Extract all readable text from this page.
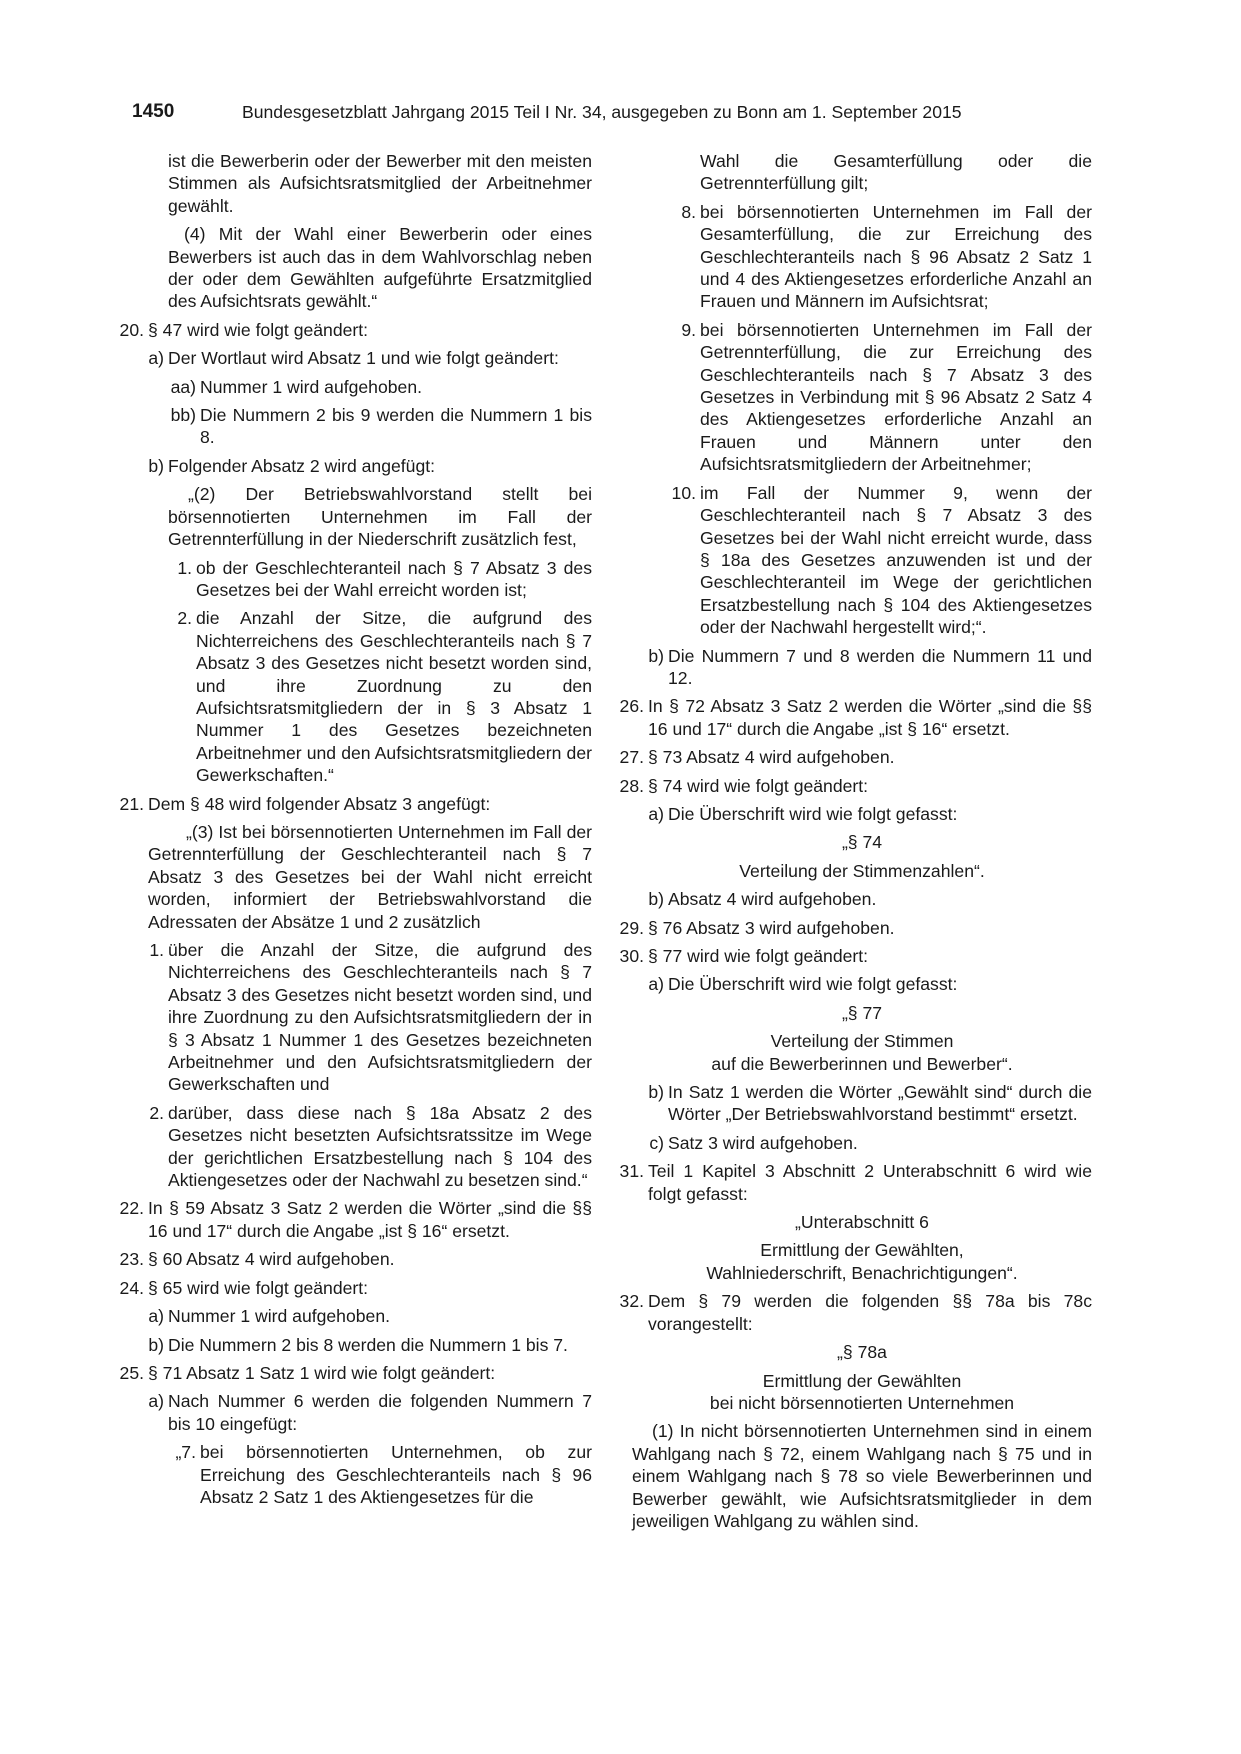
1450	Bundesgesetzblatt Jahrgang 2015 Teil I Nr. 34, ausgegeben zu Bonn am 1. September 2015
ist die Bewerberin oder der Bewerber mit den meisten Stimmen als Aufsichtsratsmitglied der Arbeitnehmer gewählt.
(4) Mit der Wahl einer Bewerberin oder eines Bewerbers ist auch das in dem Wahlvorschlag neben der oder dem Gewählten aufgeführte Ersatzmitglied des Aufsichtsrats gewählt.“
20. § 47 wird wie folgt geändert:
a) Der Wortlaut wird Absatz 1 und wie folgt geändert:
aa) Nummer 1 wird aufgehoben.
bb) Die Nummern 2 bis 9 werden die Nummern 1 bis 8.
b) Folgender Absatz 2 wird angefügt:
„(2) Der Betriebswahlvorstand stellt bei börsennotierten Unternehmen im Fall der Getrennterfüllung in der Niederschrift zusätzlich fest,
1. ob der Geschlechteranteil nach § 7 Absatz 3 des Gesetzes bei der Wahl erreicht worden ist;
2. die Anzahl der Sitze, die aufgrund des Nichterreichens des Geschlechteranteils nach § 7 Absatz 3 des Gesetzes nicht besetzt worden sind, und ihre Zuordnung zu den Aufsichtsratsmitgliedern der in § 3 Absatz 1 Nummer 1 des Gesetzes bezeichneten Arbeitnehmer und den Aufsichtsratsmitgliedern der Gewerkschaften.“
21. Dem § 48 wird folgender Absatz 3 angefügt:
„(3) Ist bei börsennotierten Unternehmen im Fall der Getrennterfüllung der Geschlechteranteil nach § 7 Absatz 3 des Gesetzes bei der Wahl nicht erreicht worden, informiert der Betriebswahlvorstand die Adressaten der Absätze 1 und 2 zusätzlich
1. über die Anzahl der Sitze, die aufgrund des Nichterreichens des Geschlechteranteils nach § 7 Absatz 3 des Gesetzes nicht besetzt worden sind, und ihre Zuordnung zu den Aufsichtsratsmitgliedern der in § 3 Absatz 1 Nummer 1 des Gesetzes bezeichneten Arbeitnehmer und den Aufsichtsratsmitgliedern der Gewerkschaften und
2. darüber, dass diese nach § 18a Absatz 2 des Gesetzes nicht besetzten Aufsichtsratssitze im Wege der gerichtlichen Ersatzbestellung nach § 104 des Aktiengesetzes oder der Nachwahl zu besetzen sind.“
22. In § 59 Absatz 3 Satz 2 werden die Wörter „sind die §§ 16 und 17“ durch die Angabe „ist § 16“ ersetzt.
23. § 60 Absatz 4 wird aufgehoben.
24. § 65 wird wie folgt geändert:
a) Nummer 1 wird aufgehoben.
b) Die Nummern 2 bis 8 werden die Nummern 1 bis 7.
25. § 71 Absatz 1 Satz 1 wird wie folgt geändert:
a) Nach Nummer 6 werden die folgenden Nummern 7 bis 10 eingefügt:
„7. bei börsennotierten Unternehmen, ob zur Erreichung des Geschlechteranteils nach § 96 Absatz 2 Satz 1 des Aktiengesetzes für die
Wahl die Gesamterfüllung oder die Getrennterfüllung gilt;
8. bei börsennotierten Unternehmen im Fall der Gesamterfüllung, die zur Erreichung des Geschlechteranteils nach § 96 Absatz 2 Satz 1 und 4 des Aktiengesetzes erforderliche Anzahl an Frauen und Männern im Aufsichtsrat;
9. bei börsennotierten Unternehmen im Fall der Getrennterfüllung, die zur Erreichung des Geschlechteranteils nach § 7 Absatz 3 des Gesetzes in Verbindung mit § 96 Absatz 2 Satz 4 des Aktiengesetzes erforderliche Anzahl an Frauen und Männern unter den Aufsichtsratsmitgliedern der Arbeitnehmer;
10. im Fall der Nummer 9, wenn der Geschlechteranteil nach § 7 Absatz 3 des Gesetzes bei der Wahl nicht erreicht wurde, dass § 18a des Gesetzes anzuwenden ist und der Geschlechteranteil im Wege der gerichtlichen Ersatzbestellung nach § 104 des Aktiengesetzes oder der Nachwahl hergestellt wird;“.
b) Die Nummern 7 und 8 werden die Nummern 11 und 12.
26. In § 72 Absatz 3 Satz 2 werden die Wörter „sind die §§ 16 und 17“ durch die Angabe „ist § 16“ ersetzt.
27. § 73 Absatz 4 wird aufgehoben.
28. § 74 wird wie folgt geändert:
a) Die Überschrift wird wie folgt gefasst:
„§ 74
Verteilung der Stimmenzahlen“.
b) Absatz 4 wird aufgehoben.
29. § 76 Absatz 3 wird aufgehoben.
30. § 77 wird wie folgt geändert:
a) Die Überschrift wird wie folgt gefasst:
„§ 77
Verteilung der Stimmen
auf die Bewerberinnen und Bewerber“.
b) In Satz 1 werden die Wörter „Gewählt sind“ durch die Wörter „Der Betriebswahlvorstand bestimmt“ ersetzt.
c) Satz 3 wird aufgehoben.
31. Teil 1 Kapitel 3 Abschnitt 2 Unterabschnitt 6 wird wie folgt gefasst:
„Unterabschnitt 6
Ermittlung der Gewählten,
Wahlniederschrift, Benachrichtigungen“.
32. Dem § 79 werden die folgenden §§ 78a bis 78c vorangestellt:
„§ 78a
Ermittlung der Gewählten
bei nicht börsennotierten Unternehmen
(1) In nicht börsennotierten Unternehmen sind in einem Wahlgang nach § 72, einem Wahlgang nach § 75 und in einem Wahlgang nach § 78 so viele Bewerberinnen und Bewerber gewählt, wie Aufsichtsratsmitglieder in dem jeweiligen Wahlgang zu wählen sind.
